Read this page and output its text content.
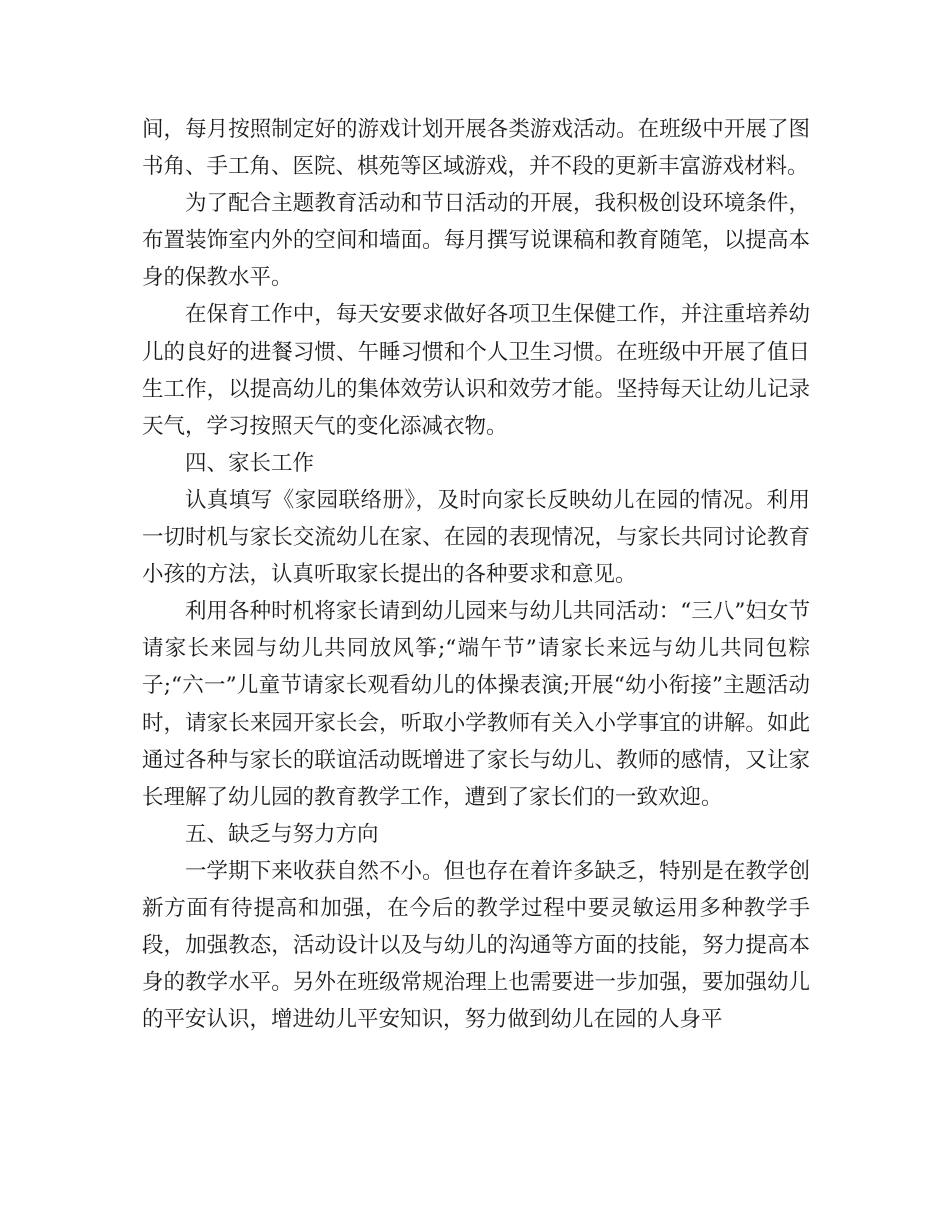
间，每月按照制定好的游戏计划开展各类游戏活动。在班级中开展了图书角、手工角、医院、棋苑等区域游戏，并不段的更新丰富游戏材料。

为了配合主题教育活动和节日活动的开展，我积极创设环境条件，布置装饰室内外的空间和墙面。每月撰写说课稿和教育随笔，以提高本身的保教水平。

在保育工作中，每天安要求做好各项卫生保健工作，并注重培养幼儿的良好的进餐习惯、午睡习惯和个人卫生习惯。在班级中开展了值日生工作，以提高幼儿的集体效劳认识和效劳才能。坚持每天让幼儿记录天气，学习按照天气的变化添减衣物。

四、家长工作

认真填写《家园联络册》，及时向家长反映幼儿在园的情况。利用一切时机与家长交流幼儿在家、在园的表现情况，与家长共同讨论教育小孩的方法，认真听取家长提出的各种要求和意见。

利用各种时机将家长请到幼儿园来与幼儿共同活动：“三八”妇女节请家长来园与幼儿共同放风筝;“端午节”请家长来远与幼儿共同包粽子;“六一”儿童节请家长观看幼儿的体操表演;开展“幼小衔接”主题活动时，请家长来园开家长会，听取小学教师有关入小学事宜的讲解。如此通过各种与家长的联谊活动既增进了家长与幼儿、教师的感情，又让家长理解了幼儿园的教育教学工作，遭到了家长们的一致欢迎。

五、缺乏与努力方向

一学期下来收获自然不小。但也存在着许多缺乏，特别是在教学创新方面有待提高和加强，在今后的教学过程中要灵敏运用多种教学手段，加强教态，活动设计以及与幼儿的沟通等方面的技能，努力提高本身的教学水平。另外在班级常规治理上也需要进一步加强，要加强幼儿的平安认识，增进幼儿平安知识，努力做到幼儿在园的人身平
